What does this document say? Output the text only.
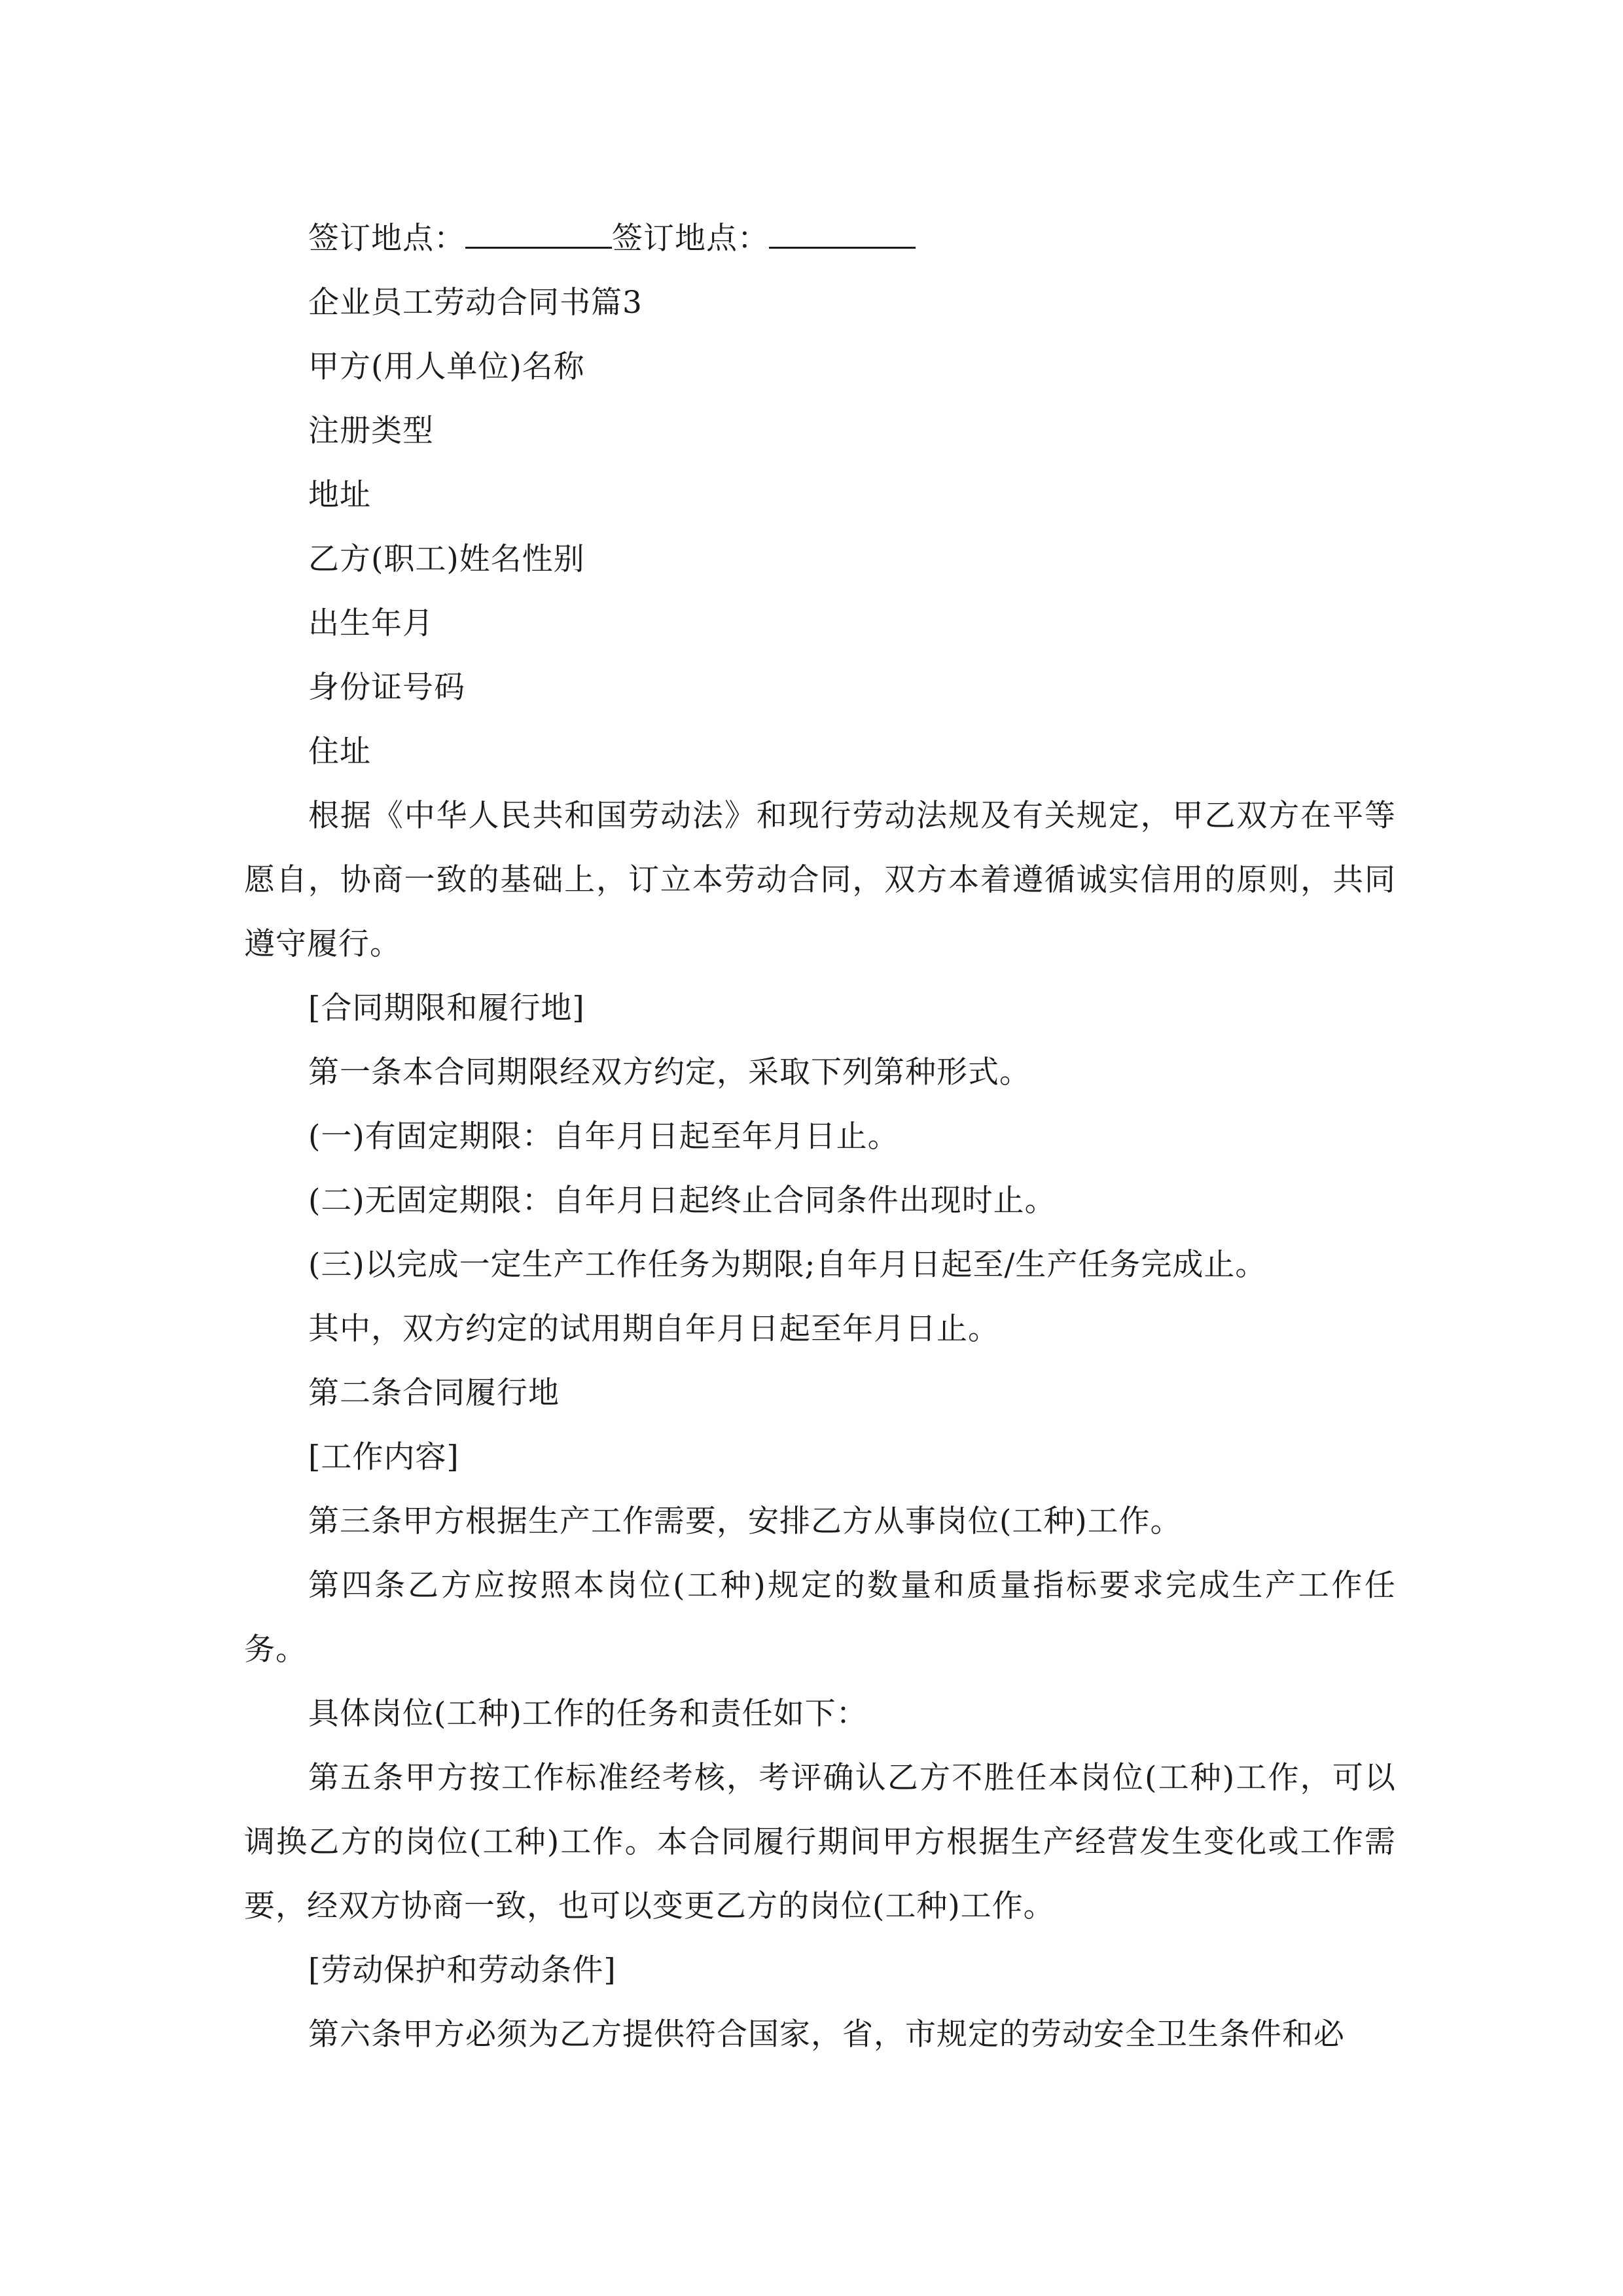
签订地点：	签订地点：
企业员工劳动合同书篇3
甲方(用人单位)名称
注册类型
地址
乙方(职工)姓名性别
出生年月
身份证号码
住址
根据《中华人民共和国劳动法》和现行劳动法规及有关规定，甲乙双方在平等愿自，协商一致的基础上，订立本劳动合同，双方本着遵循诚实信用的原则，共同遵守履行。
[合同期限和履行地]
第一条本合同期限经双方约定，采取下列第种形式。
(一)有固定期限：自年月日起至年月日止。
(二)无固定期限：自年月日起终止合同条件出现时止。
(三)以完成一定生产工作任务为期限;自年月日起至/生产任务完成止。
其中，双方约定的试用期自年月日起至年月日止。
第二条合同履行地
[工作内容]
第三条甲方根据生产工作需要，安排乙方从事岗位(工种)工作。
第四条乙方应按照本岗位(工种)规定的数量和质量指标要求完成生产工作任务。
具体岗位(工种)工作的任务和责任如下：
第五条甲方按工作标准经考核，考评确认乙方不胜任本岗位(工种)工作，可以调换乙方的岗位(工种)工作。本合同履行期间甲方根据生产经营发生变化或工作需要，经双方协商一致，也可以变更乙方的岗位(工种)工作。
[劳动保护和劳动条件]
第六条甲方必须为乙方提供符合国家，省，市规定的劳动安全卫生条件和必
